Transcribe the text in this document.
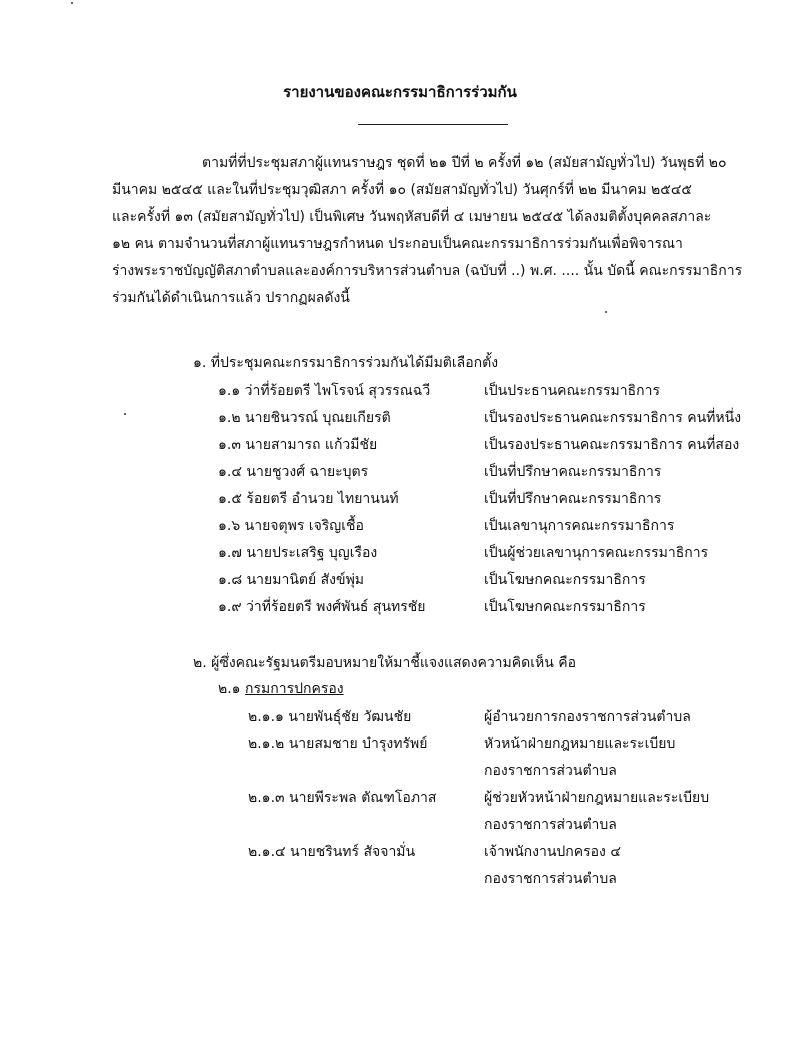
รายงานของคณะกรรมาธิการร่วมกัน
ตามที่ที่ประชุมสภาผู้แทนราษฎร ชุดที่ ๒๑ ปีที่ ๒ ครั้งที่ ๑๒ (สมัยสามัญทั่วไป) วันพุธที่ ๒๐
มีนาคม ๒๕๔๕ และในที่ประชุมวุฒิสภา ครั้งที่ ๑๐ (สมัยสามัญทั่วไป) วันศุกร์ที่ ๒๒ มีนาคม ๒๕๔๕
และครั้งที่ ๑๓ (สมัยสามัญทั่วไป) เป็นพิเศษ วันพฤหัสบดีที่ ๔ เมษายน ๒๕๔๕ ได้ลงมติตั้งบุคคลสภาละ
๑๒ คน ตามจำนวนที่สภาผู้แทนราษฎรกำหนด ประกอบเป็นคณะกรรมาธิการร่วมกันเพื่อพิจารณา
ร่างพระราชบัญญัติสภาตำบลและองค์การบริหารส่วนตำบล (ฉบับที่ ..) พ.ศ. .... นั้น บัดนี้ คณะกรรมาธิการ
ร่วมกันได้ดำเนินการแล้ว ปรากฏผลดังนี้
๑. ที่ประชุมคณะกรรมาธิการร่วมกันได้มีมติเลือกตั้ง
๑.๑ ว่าที่ร้อยตรี ไพโรจน์ สุวรรณฉวี	เป็นประธานคณะกรรมาธิการ
๑.๒ นายชินวรณ์ บุณยเกียรติ	เป็นรองประธานคณะกรรมาธิการ คนที่หนึ่ง
๑.๓ นายสามารถ แก้วมีชัย	เป็นรองประธานคณะกรรมาธิการ คนที่สอง
๑.๔ นายชูวงศ์ ฉายะบุตร	เป็นที่ปรึกษาคณะกรรมาธิการ
๑.๕ ร้อยตรี อำนวย ไทยานนท์	เป็นที่ปรึกษาคณะกรรมาธิการ
๑.๖ นายจตุพร เจริญเชื้อ	เป็นเลขานุการคณะกรรมาธิการ
๑.๗ นายประเสริฐ บุญเรือง	เป็นผู้ช่วยเลขานุการคณะกรรมาธิการ
๑.๘ นายมานิตย์ สังข์พุ่ม	เป็นโฆษกคณะกรรมาธิการ
๑.๙ ว่าที่ร้อยตรี พงศ์พันธ์ สุนทรชัย	เป็นโฆษกคณะกรรมาธิการ
๒. ผู้ซึ่งคณะรัฐมนตรีมอบหมายให้มาชี้แจงแสดงความคิดเห็น คือ
๒.๑ กรมการปกครอง
๒.๑.๑ นายพันธุ์ชัย วัฒนชัย	ผู้อำนวยการกองราชการส่วนตำบล
๒.๑.๒ นายสมชาย บำรุงทรัพย์	หัวหน้าฝ่ายกฎหมายและระเบียบ
กองราชการส่วนตำบล
๒.๑.๓ นายพีระพล ตัณฑโอภาส	ผู้ช่วยหัวหน้าฝ่ายกฎหมายและระเบียบ
กองราชการส่วนตำบล
๒.๑.๔ นายชรินทร์ สัจจามั่น	เจ้าพนักงานปกครอง ๔
กองราชการส่วนตำบล
